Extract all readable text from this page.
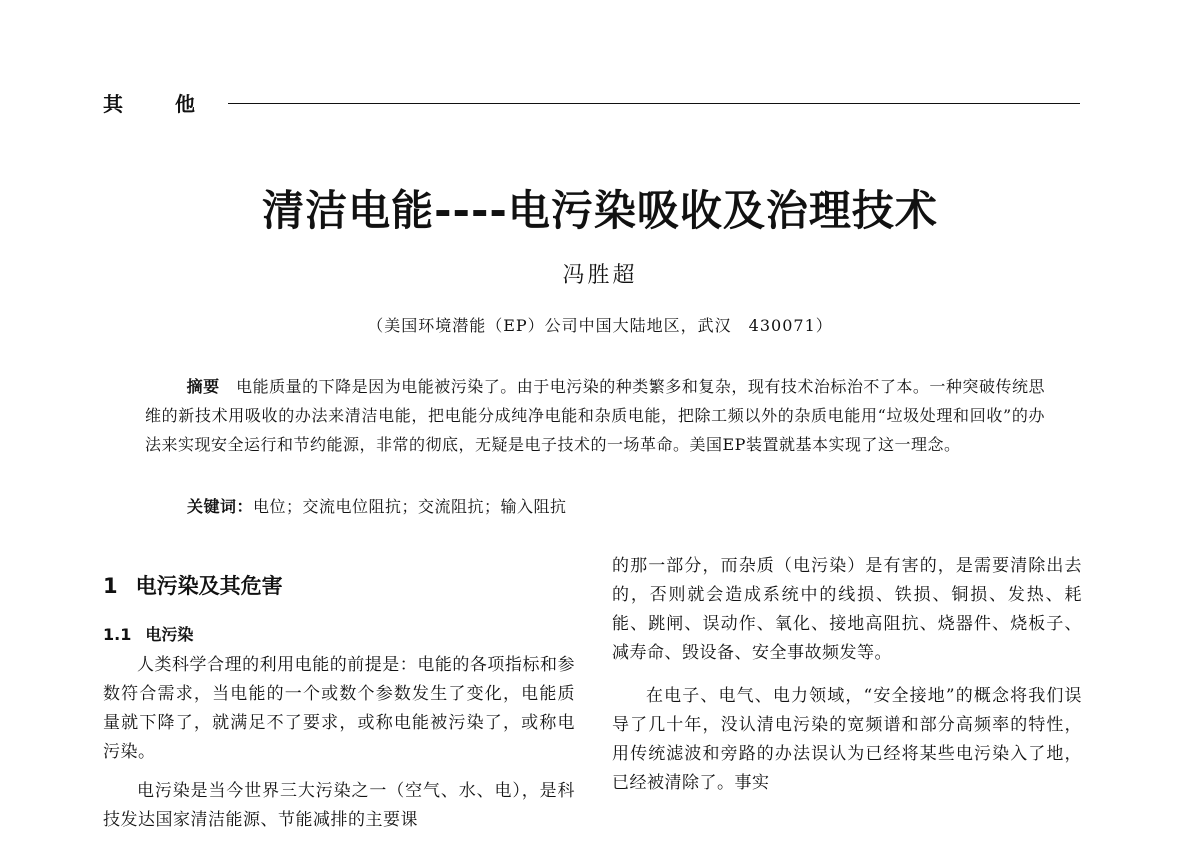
其他
清洁电能----电污染吸收及治理技术
冯胜超
（美国环境潜能（EP）公司中国大陆地区，武汉　430071）

摘要　 电能质量的下降是因为电能被污染了。由于电污染的种类繁多和复杂，现有技术治标治不了本。一种突破传统思维的新技术用吸收的办法来清洁电能，把电能分成纯净电能和杂质电能，把除工频以外的杂质电能用“垃圾处理和回收”的办法来实现安全运行和节约能源，非常的彻底，无疑是电子技术的一场革命。美国EP装置就基本实现了这一理念。

关键词：电位；交流电位阻抗；交流阻抗；输入阻抗
1 电污染及其危害
1.1 电污染

人类科学合理的利用电能的前提是：电能的各项指标和参数符合需求，当电能的一个或数个参数发生了变化，电能质量就下降了，就满足不了要求，或称电能被污染了，或称电污染。

电污染是当今世界三大污染之一（空气、水、电），是科技发达国家清洁能源、节能减排的主要课

的那一部分，而杂质（电污染）是有害的，是需要清除出去的，否则就会造成系统中的线损、铁损、铜损、发热、耗能、跳闸、误动作、氧化、接地高阻抗、烧器件、烧板子、减寿命、毁设备、安全事故频发等。

在电子、电气、电力领域，“安全接地”的概念将我们误导了几十年，没认清电污染的宽频谱和部分高频率的特性，用传统滤波和旁路的办法误认为已经将某些电污染入了地，已经被清除了。事实
